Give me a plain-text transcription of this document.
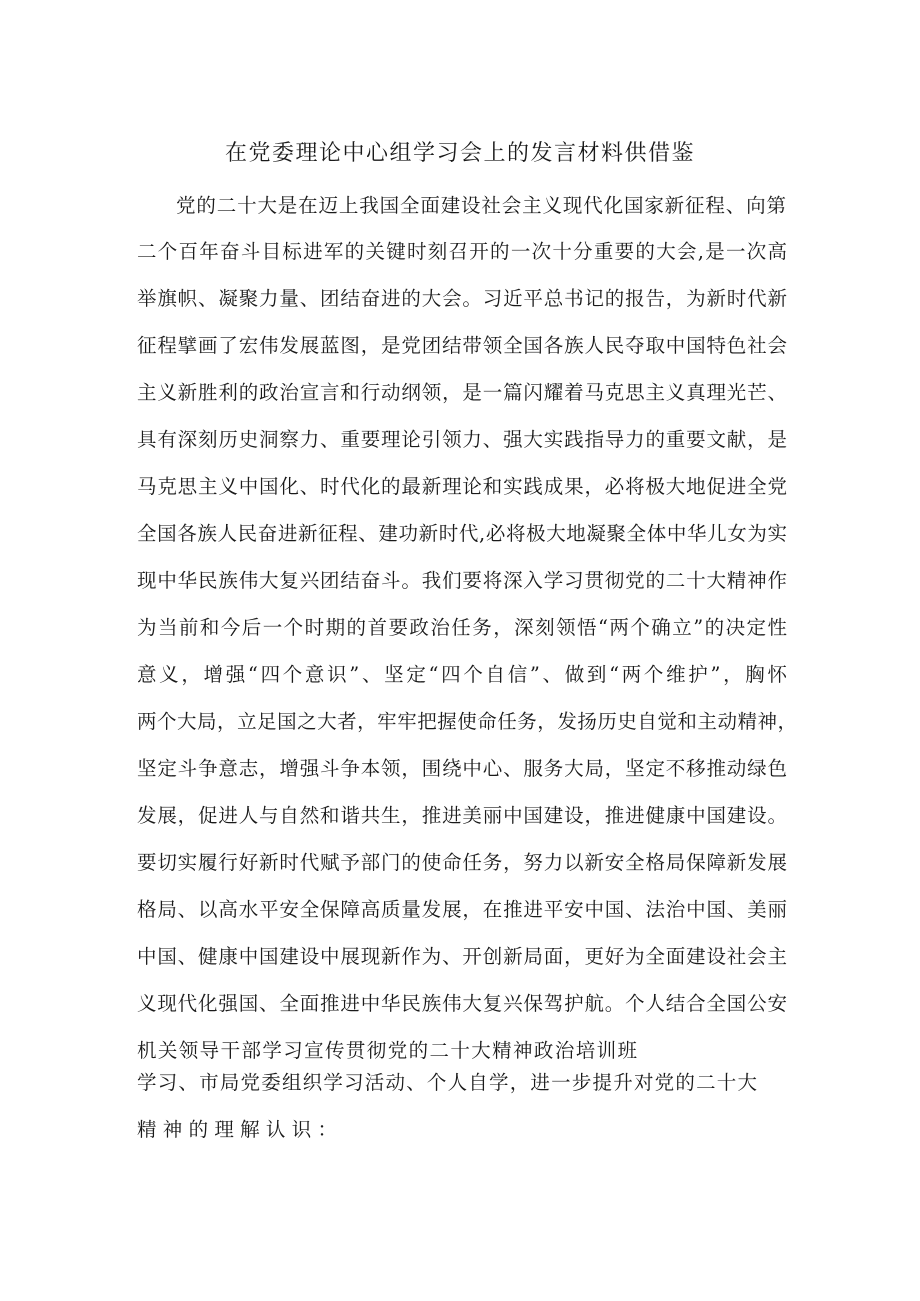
在党委理论中心组学习会上的发言材料供借鉴
党的二十大是在迈上我国全面建设社会主义现代化国家新征程、向第
二个百年奋斗目标进军的关键时刻召开的一次十分重要的大会,是一次高
举旗帜、凝聚力量、团结奋进的大会。习近平总书记的报告，为新时代新
征程擘画了宏伟发展蓝图，是党团结带领全国各族人民夺取中国特色社会
主义新胜利的政治宣言和行动纲领，是一篇闪耀着马克思主义真理光芒、
具有深刻历史洞察力、重要理论引领力、强大实践指导力的重要文献，是
马克思主义中国化、时代化的最新理论和实践成果，必将极大地促进全党
全国各族人民奋进新征程、建功新时代,必将极大地凝聚全体中华儿女为实
现中华民族伟大复兴团结奋斗。我们要将深入学习贯彻党的二十大精神作
为当前和今后一个时期的首要政治任务，深刻领悟“两个确立”的决定性
意义，增强“四个意识”、坚定“四个自信”、做到“两个维护”，胸怀
两个大局，立足国之大者，牢牢把握使命任务，发扬历史自觉和主动精神，
坚定斗争意志，增强斗争本领，围绕中心、服务大局，坚定不移推动绿色
发展，促进人与自然和谐共生，推进美丽中国建设，推进健康中国建设。
要切实履行好新时代赋予部门的使命任务，努力以新安全格局保障新发展
格局、以高水平安全保障高质量发展，在推进平安中国、法治中国、美丽
中国、健康中国建设中展现新作为、开创新局面，更好为全面建设社会主
义现代化强国、全面推进中华民族伟大复兴保驾护航。个人结合全国公安
机关领导干部学习宣传贯彻党的二十大精神政治培训班
学习、市局党委组织学习活动、个人自学，进一步提升对党的二十大
精神的理解认识：
